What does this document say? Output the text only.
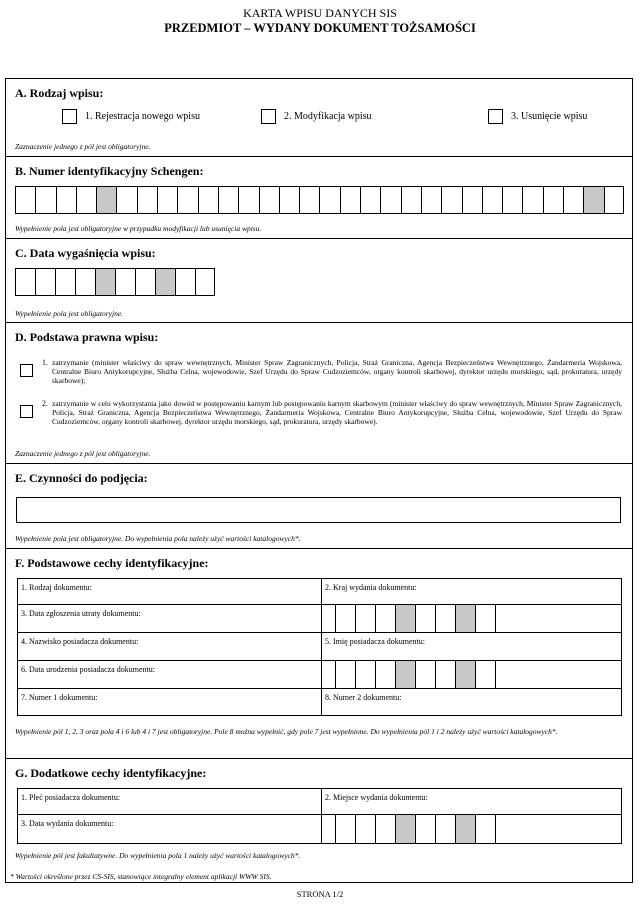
KARTA WPISU DANYCH SIS
PRZEDMIOT – WYDANY DOKUMENT TOŻSAMOŚCI
A. Rodzaj wpisu:
1. Rejestracja nowego wpisu	2. Modyfikacja wpisu	3. Usunięcie wpisu
Zaznaczenie jednego z pól jest obligatoryjne.
B. Numer identyfikacyjny Schengen:
Wypełnienie pola jest obligatoryjne w przypadku modyfikacji lub usunięcia wpisu.
C. Data wygaśnięcia wpisu:
Wypełnienie pola jest obligatoryjne.
D. Podstawa prawna wpisu:
1. zatrzymanie (minister właściwy do spraw wewnętrznych, Minister Spraw Zagranicznych, Policja, Straż Graniczna, Agencja Bezpieczeństwa Wewnętrznego, Żandarmeria Wojskowa, Centralne Biuro Antykorupcyjne, Służba Celna, wojewodowie, Szef Urzędu do Spraw Cudzoziemców, organy kontroli skarbowej, dyrektor urzędu morskiego, sąd, prokuratura, urzędy skarbowe);
2. zatrzymanie w celu wykorzystania jako dowód w postępowaniu karnym lub postępowaniu karnym skarbowym (minister właściwy do spraw wewnętrznych, Minister Spraw Zagranicznych, Policja, Straż Graniczna, Agencja Bezpieczeństwa Wewnętrznego, Żandarmeria Wojskowa, Centralne Biuro Antykorupcyjne, Służba Celna, wojewodowie, Szef Urzędu do Spraw Cudzoziemców, organy kontroli skarbowej, dyrektor urzędu morskiego, sąd, prokuratura, urzędy skarbowe).
Zaznaczenie jednego z pól jest obligatoryjne.
E. Czynności do podjęcia:
Wypełnienie pola jest obligatoryjne. Do wypełnienia pola należy użyć wartości katalogowych*.
F. Podstawowe cechy identyfikacyjne:
1. Rodzaj dokumentu:	2. Kraj wydania dokumentu:
3. Data zgłoszenia utraty dokumentu:
4. Nazwisko posiadacza dokumentu:	5. Imię posiadacza dokumentu:
6. Data urodzenia posiadacza dokumentu:
7. Numer 1 dokumentu:	8. Numer 2 dokumentu:
Wypełnienie pól 1, 2, 3 oraz pola 4 i 6 lub 4 i 7 jest obligatoryjne. Pole 8 można wypełnić, gdy pole 7 jest wypełnione. Do wypełnienia pól 1 i 2 należy użyć wartości katalogowych*.
G. Dodatkowe cechy identyfikacyjne:
1. Płeć posiadacza dokumentu:	2. Miejsce wydania dokumentu:
3. Data wydania dokumentu:
Wypełnienie pól jest fakultatywne. Do wypełnienia pola 1 należy użyć wartości katalogowych*.
* Wartości określone przez CS-SIS, stanowiące integralny element aplikacji WWW SIS.
STRONA 1/2
